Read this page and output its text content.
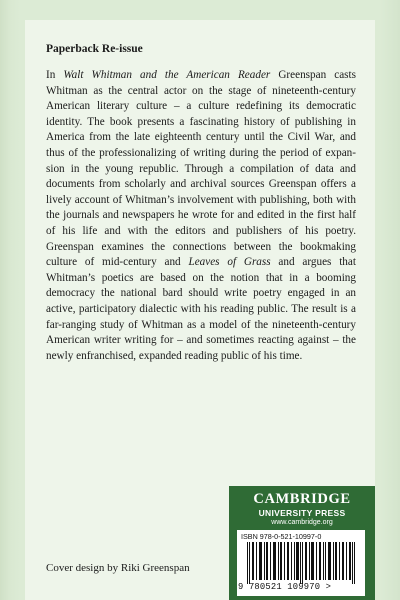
Paperback Re-issue

In Walt Whitman and the American Reader Greenspan casts Whitman as the central actor on the stage of nineteenth-century American literary culture – a culture redefining its democratic identity. The book presents a fascinating history of publishing in America from the late eighteenth century until the Civil War, and thus of the professionalizing of writing during the period of expansion in the young republic. Through a compilation of data and documents from scholarly and archival sources Greenspan offers a lively account of Whitman’s involvement with publishing, both with the journals and newspapers he wrote for and edited in the first half of his life and with the editors and publishers of his poetry. Greenspan examines the connections between the bookmaking culture of mid-century and Leaves of Grass and argues that Whitman’s poetics are based on the notion that in a booming democracy the national bard should write poetry engaged in an active, participatory dialectic with his reading public. The result is a far-ranging study of Whitman as a model of the nineteenth-century American writer writing for – and sometimes reacting against – the newly enfranchised, expanded reading public of his time.

CAMBRIDGE
UNIVERSITY PRESS
www.cambridge.org
ISBN 978-0-521-10997-0
9 780521 109970 >
Cover design by Riki Greenspan
